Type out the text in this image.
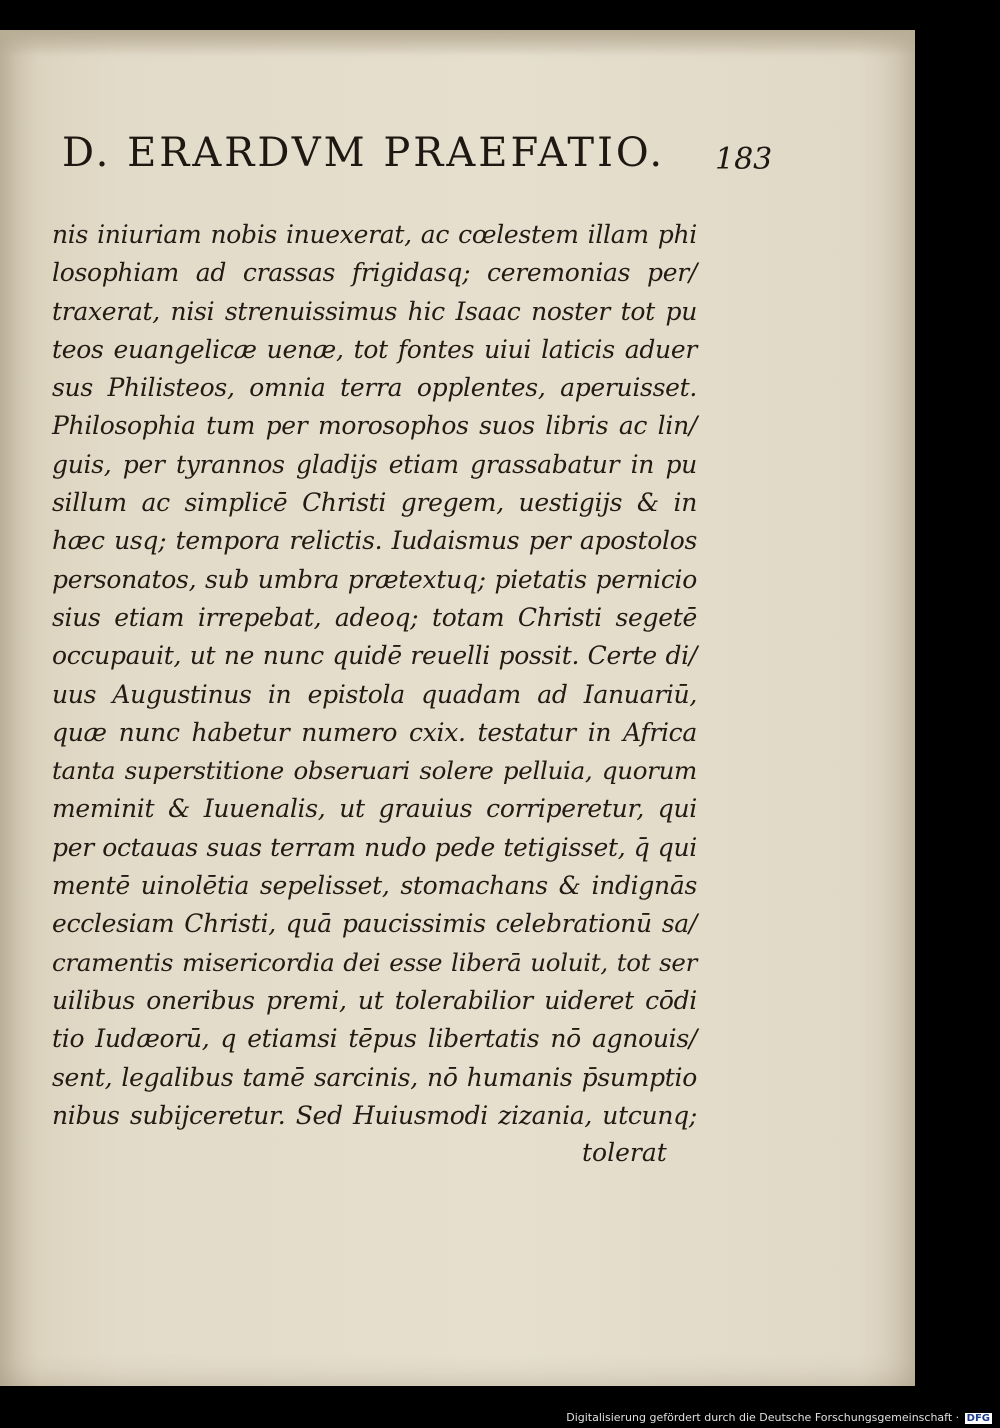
D. ERARDVM PRAEFATIO.	183
nis iniuriam nobis inuexerat, ac cœlestem illam phi
losophiam ad crassas frigidasq; ceremonias per/
traxerat, nisi strenuissimus hic Isaac noster tot pu
teos euangelicæ uenæ, tot fontes uiui laticis aduer
sus Philisteos, omnia terra opplentes, aperuisset.
Philosophia tum per morosophos suos libris ac lin/
guis, per tyrannos gladijs etiam grassabatur in pu
sillum ac simplicē Christi gregem, uestigijs & in
hæc usq; tempora relictis. Iudaismus per apostolos
personatos, sub umbra prætextuq; pietatis pernicio
sius etiam irrepebat, adeoq; totam Christi segetē
occupauit, ut ne nunc quidē reuelli possit. Certe di/
uus Augustinus in epistola quadam ad Ianuariū,
quæ nunc habetur numero cxix. testatur in Africa
tanta superstitione obseruari solere pelluia, quorum
meminit & Iuuenalis, ut grauius corriperetur, qui
per octauas suas terram nudo pede tetigisset, q̄ qui
mentē uinolētia sepelisset, stomachans & indignās
ecclesiam Christi, quā paucissimis celebrationū sa/
cramentis misericordia dei esse liberā uoluit, tot ser
uilibus oneribus premi, ut tolerabilior uideret cōdi
tio Iudæorū, q etiamsi tēpus libertatis nō agnouis/
sent, legalibus tamē sarcinis, nō humanis p̄sumptio
nibus subijceretur. Sed Huiusmodi zizania, utcunq;
tolerat
Digitalisierung gefördert durch die Deutsche Forschungsgemeinschaft · DFG
